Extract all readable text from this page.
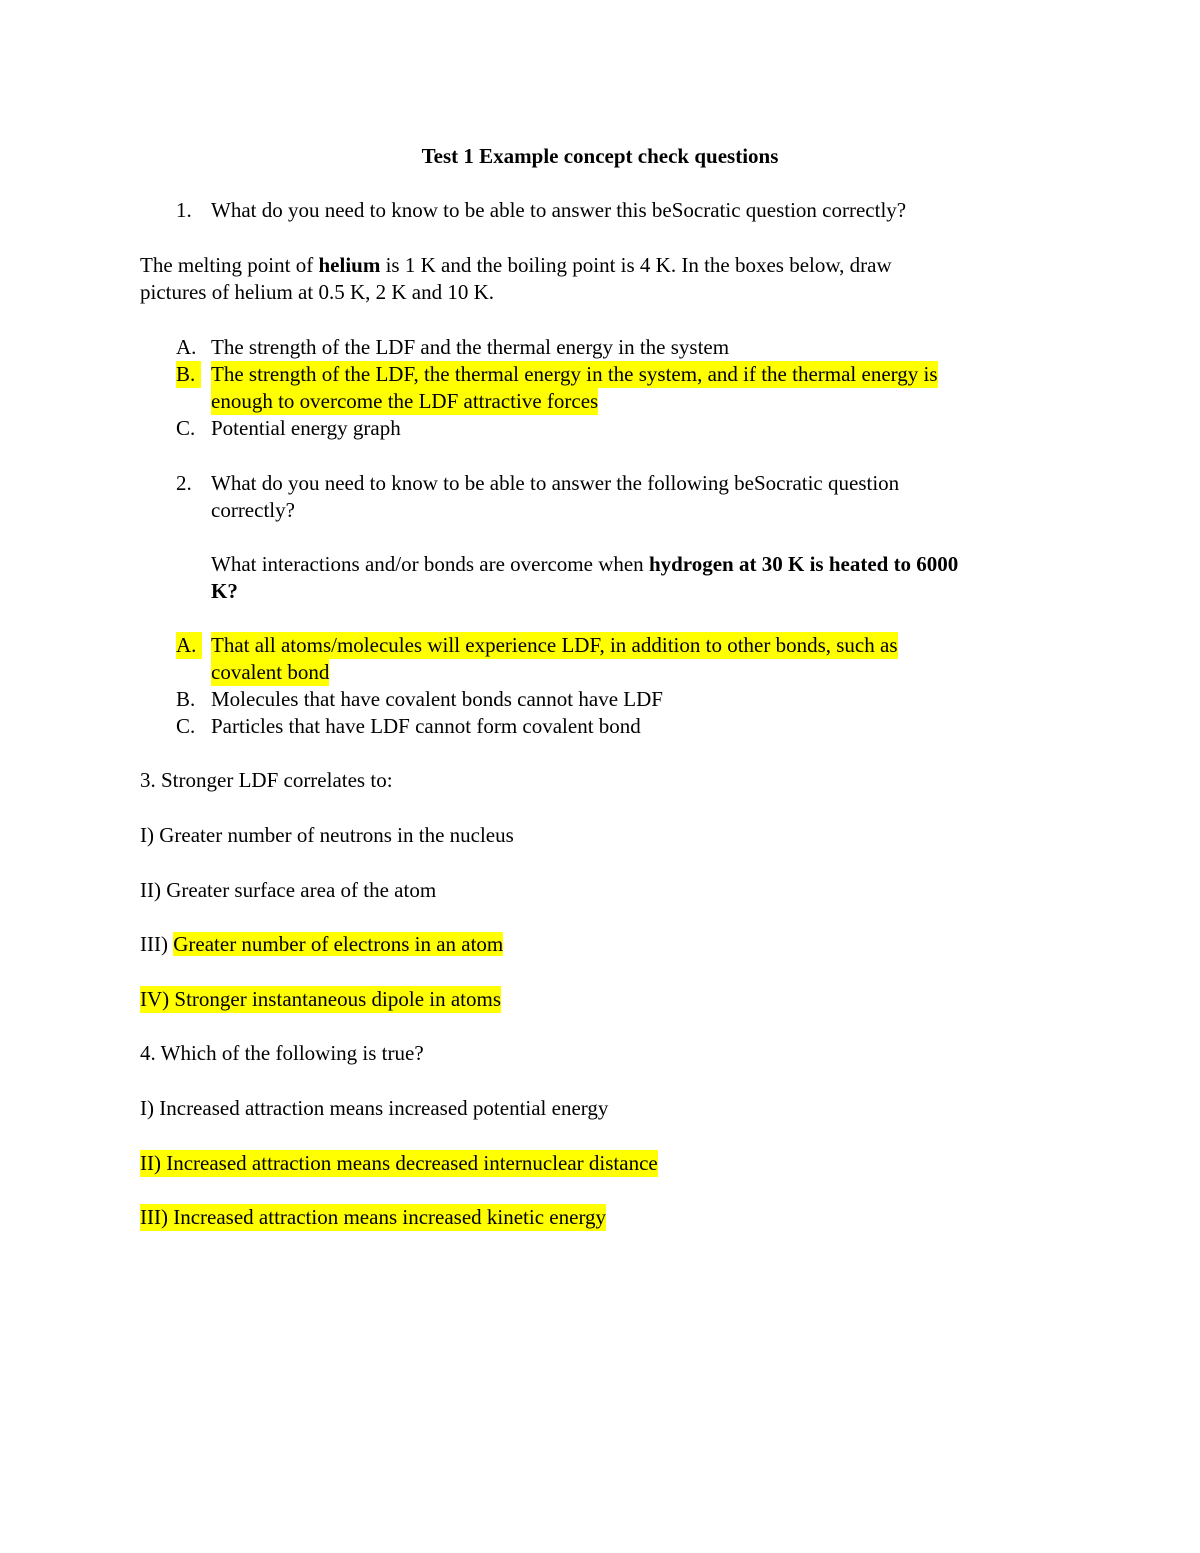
Test 1 Example concept check questions
1. What do you need to know to be able to answer this beSocratic question correctly?
The melting point of helium is 1 K and the boiling point is 4 K. In the boxes below, draw
pictures of helium at 0.5 K, 2 K and 10 K.
A. The strength of the LDF and the thermal energy in the system
B. The strength of the LDF, the thermal energy in the system, and if the thermal energy is
enough to overcome the LDF attractive forces
C. Potential energy graph
2. What do you need to know to be able to answer the following beSocratic question
correctly?
What interactions and/or bonds are overcome when hydrogen at 30 K is heated to 6000
K?
A. That all atoms/molecules will experience LDF, in addition to other bonds, such as
covalent bond
B. Molecules that have covalent bonds cannot have LDF
C. Particles that have LDF cannot form covalent bond
3. Stronger LDF correlates to:
I) Greater number of neutrons in the nucleus
II) Greater surface area of the atom
III) Greater number of electrons in an atom
IV) Stronger instantaneous dipole in atoms
4. Which of the following is true?
I) Increased attraction means increased potential energy
II) Increased attraction means decreased internuclear distance
III) Increased attraction means increased kinetic energy
